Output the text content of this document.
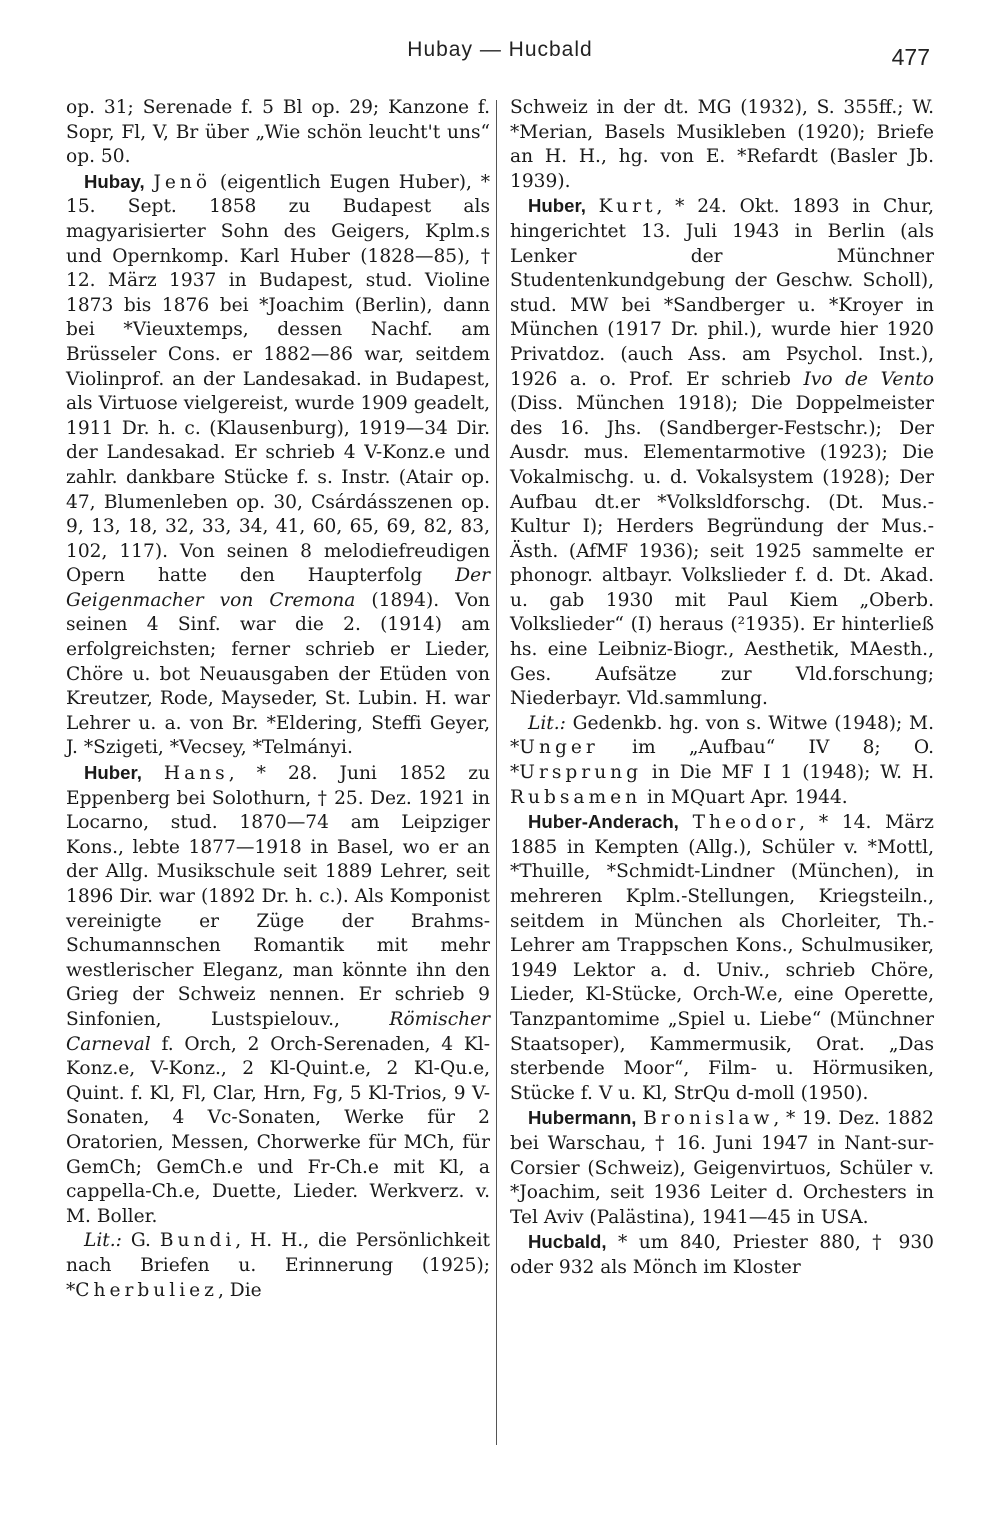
Hubay — Hucbald	477

op. 31; Serenade f. 5 Bl op. 29; Kanzone f. Sopr, Fl, V, Br über „Wie schön leucht't uns“ op. 50.

Hubay, Jenö (eigentlich Eugen Huber), * 15. Sept. 1858 zu Budapest als magyarisierter Sohn des Geigers, Kplm.s und Opernkomp. Karl Huber (1828—85), † 12. März 1937 in Budapest, stud. Violine 1873 bis 1876 bei *Joachim (Berlin), dann bei *Vieuxtemps, dessen Nachf. am Brüsseler Cons. er 1882—86 war, seitdem Violinprof. an der Landesakad. in Budapest, als Virtuose vielgereist, wurde 1909 geadelt, 1911 Dr. h. c. (Klausenburg), 1919—34 Dir. der Landesakad. Er schrieb 4 V-Konz.e und zahlr. dankbare Stücke f. s. Instr. (Atair op. 47, Blumenleben op. 30, Csárdásszenen op. 9, 13, 18, 32, 33, 34, 41, 60, 65, 69, 82, 83, 102, 117). Von seinen 8 melodiefreudigen Opern hatte den Haupterfolg Der Geigenmacher von Cremona (1894). Von seinen 4 Sinf. war die 2. (1914) am erfolgreichsten; ferner schrieb er Lieder, Chöre u. bot Neuausgaben der Etüden von Kreutzer, Rode, Mayseder, St. Lubin. H. war Lehrer u. a. von Br. *Eldering, Steffi Geyer, J. *Szigeti, *Vecsey, *Telmányi.

Huber, Hans, * 28. Juni 1852 zu Eppenberg bei Solothurn, † 25. Dez. 1921 in Locarno, stud. 1870—74 am Leipziger Kons., lebte 1877—1918 in Basel, wo er an der Allg. Musikschule seit 1889 Lehrer, seit 1896 Dir. war (1892 Dr. h. c.). Als Komponist vereinigte er Züge der Brahms-Schumannschen Romantik mit mehr westlerischer Eleganz, man könnte ihn den Grieg der Schweiz nennen. Er schrieb 9 Sinfonien, Lustspielouv., Römischer Carneval f. Orch, 2 Orch-Serenaden, 4 Kl-Konz.e, V-Konz., 2 Kl-Quint.e, 2 Kl-Qu.e, Quint. f. Kl, Fl, Clar, Hrn, Fg, 5 Kl-Trios, 9 V-Sonaten, 4 Vc-Sonaten, Werke für 2 Oratorien, Messen, Chorwerke für MCh, für GemCh; GemCh.e und Fr-Ch.e mit Kl, a cappella-Ch.e, Duette, Lieder. Werkverz. v. M. Boller.

Lit.: G. Bundi, H. H., die Persönlichkeit nach Briefen u. Erinnerung (1925); *Cherbuliez, Die

Schweiz in der dt. MG (1932), S. 355ff.; W. *Merian, Basels Musikleben (1920); Briefe an H. H., hg. von E. *Refardt (Basler Jb. 1939).

Huber, Kurt, * 24. Okt. 1893 in Chur, hingerichtet 13. Juli 1943 in Berlin (als Lenker der Münchner Studentenkundgebung der Geschw. Scholl), stud. MW bei *Sandberger u. *Kroyer in München (1917 Dr. phil.), wurde hier 1920 Privatdoz. (auch Ass. am Psychol. Inst.), 1926 a. o. Prof. Er schrieb Ivo de Vento (Diss. München 1918); Die Doppelmeister des 16. Jhs. (Sandberger-Festschr.); Der Ausdr. mus. Elementarmotive (1923); Die Vokalmischg. u. d. Vokalsystem (1928); Der Aufbau dt.er *Volksldforschg. (Dt. Mus.-Kultur I); Herders Begründung der Mus.-Ästh. (AfMF 1936); seit 1925 sammelte er phonogr. altbayr. Volkslieder f. d. Dt. Akad. u. gab 1930 mit Paul Kiem „Oberb. Volkslieder“ (I) heraus (²1935). Er hinterließ hs. eine Leibniz-Biogr., Aesthetik, MAesth., Ges. Aufsätze zur Vld.forschung; Niederbayr. Vld.sammlung.

Lit.: Gedenkb. hg. von s. Witwe (1948); M. *Unger im „Aufbau“ IV 8; O. *Ursprung in Die MF I 1 (1948); W. H. Rubsamen in MQuart Apr. 1944.

Huber-Anderach, Theodor, * 14. März 1885 in Kempten (Allg.), Schüler v. *Mottl, *Thuille, *Schmidt-Lindner (München), in mehreren Kplm.-Stellungen, Kriegsteiln., seitdem in München als Chorleiter, Th.-Lehrer am Trappschen Kons., Schulmusiker, 1949 Lektor a. d. Univ., schrieb Chöre, Lieder, Kl-Stücke, Orch-W.e, eine Operette, Tanzpantomime „Spiel u. Liebe“ (Münchner Staatsoper), Kammermusik, Orat. „Das sterbende Moor“, Film- u. Hörmusiken, Stücke f. V u. Kl, StrQu d-moll (1950).

Hubermann, Bronislaw, * 19. Dez. 1882 bei Warschau, † 16. Juni 1947 in Nant-sur-Corsier (Schweiz), Geigenvirtuos, Schüler v. *Joachim, seit 1936 Leiter d. Orchesters in Tel Aviv (Palästina), 1941—45 in USA.

Hucbald, * um 840, Priester 880, † 930 oder 932 als Mönch im Kloster
